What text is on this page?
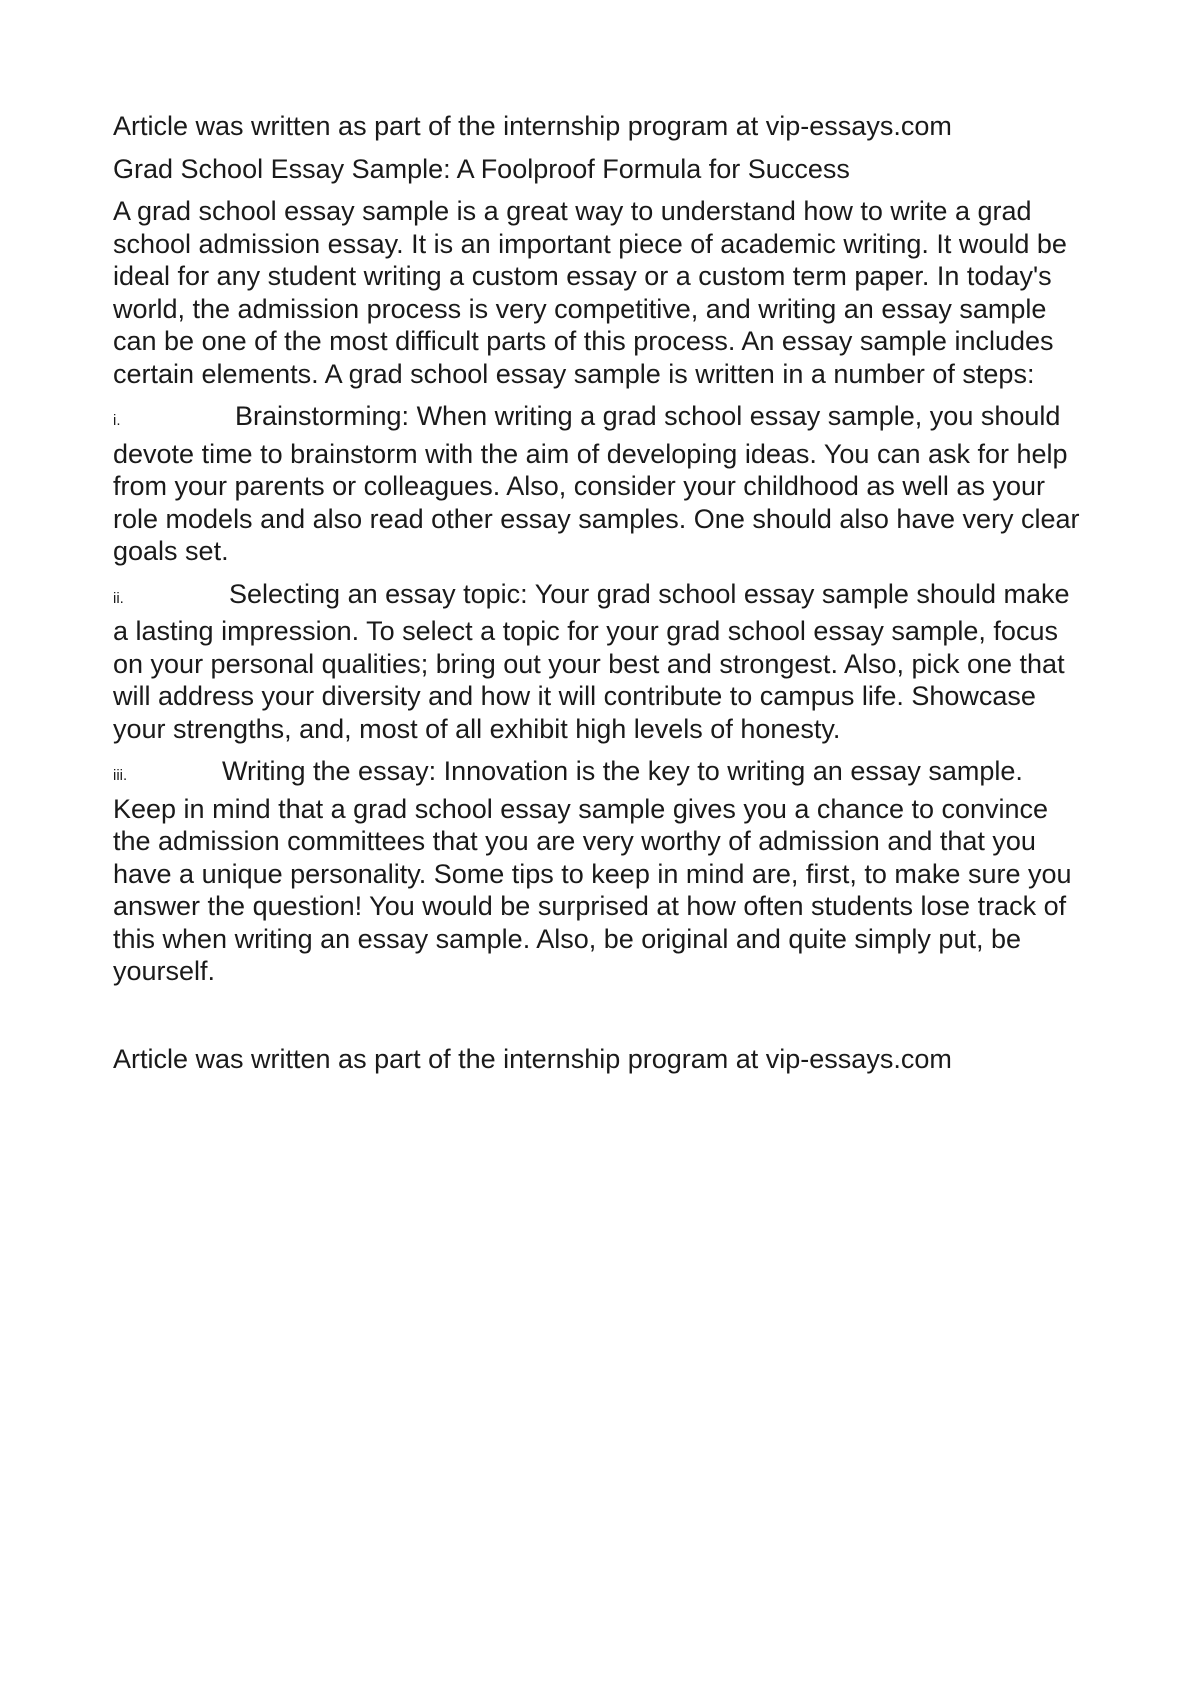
Article was written as part of the internship program at vip-essays.com

Grad School Essay Sample: A Foolproof Formula for Success

A grad school essay sample is a great way to understand how to write a grad school admission essay. It is an important piece of academic writing. It would be ideal for any student writing a custom essay or a custom term paper. In today's world, the admission process is very competitive, and writing an essay sample can be one of the most difficult parts of this process. An essay sample includes certain elements. A grad school essay sample is written in a number of steps:

i.	Brainstorming: When writing a grad school essay sample, you should devote time to brainstorm with the aim of developing ideas. You can ask for help from your parents or colleagues. Also, consider your childhood as well as your role models and also read other essay samples. One should also have very clear goals set.

ii.	Selecting an essay topic: Your grad school essay sample should make a lasting impression. To select a topic for your grad school essay sample, focus on your personal qualities; bring out your best and strongest. Also, pick one that will address your diversity and how it will contribute to campus life. Showcase your strengths, and, most of all exhibit high levels of honesty.

iii.	Writing the essay: Innovation is the key to writing an essay sample. Keep in mind that a grad school essay sample gives you a chance to convince the admission committees that you are very worthy of admission and that you have a unique personality. Some tips to keep in mind are, first, to make sure you answer the question! You would be surprised at how often students lose track of this when writing an essay sample. Also, be original and quite simply put, be yourself.

Article was written as part of the internship program at vip-essays.com
